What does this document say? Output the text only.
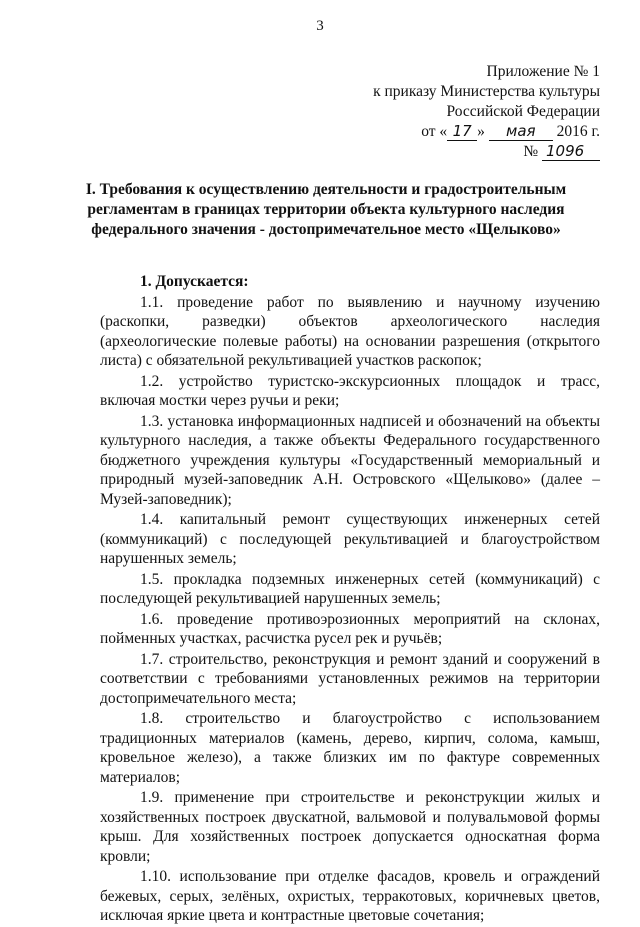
3
Приложение № 1
к приказу Министерства культуры
Российской Федерации
от « 17 » мая 2016 г.
№ 1096
I. Требования к осуществлению деятельности и градостроительным регламентам в границах территории объекта культурного наследия федерального значения - достопримечательное место «Щелыково»
1. Допускается:
1.1. проведение работ по выявлению и научному изучению (раскопки, разведки) объектов археологического наследия (археологические полевые работы) на основании разрешения (открытого листа) с обязательной рекультивацией участков раскопок;
1.2. устройство туристско-экскурсионных площадок и трасс, включая мостки через ручьи и реки;
1.3. установка информационных надписей и обозначений на объекты культурного наследия, а также объекты Федерального государственного бюджетного учреждения культуры «Государственный мемориальный и природный музей-заповедник А.Н. Островского «Щелыково» (далее – Музей-заповедник);
1.4. капитальный ремонт существующих инженерных сетей (коммуникаций) с последующей рекультивацией и благоустройством нарушенных земель;
1.5. прокладка подземных инженерных сетей (коммуникаций) с последующей рекультивацией нарушенных земель;
1.6. проведение противоэрозионных мероприятий на склонах, пойменных участках, расчистка русел рек и ручьёв;
1.7. строительство, реконструкция и ремонт зданий и сооружений в соответствии с требованиями установленных режимов на территории достопримечательного места;
1.8. строительство и благоустройство с использованием традиционных материалов (камень, дерево, кирпич, солома, камыш, кровельное железо), а также близких им по фактуре современных материалов;
1.9. применение при строительстве и реконструкции жилых и хозяйственных построек двускатной, вальмовой и полувальмовой формы крыш. Для хозяйственных построек допускается односкатная форма кровли;
1.10. использование при отделке фасадов, кровель и ограждений бежевых, серых, зелёных, охристых, терракотовых, коричневых цветов, исключая яркие цвета и контрастные цветовые сочетания;
